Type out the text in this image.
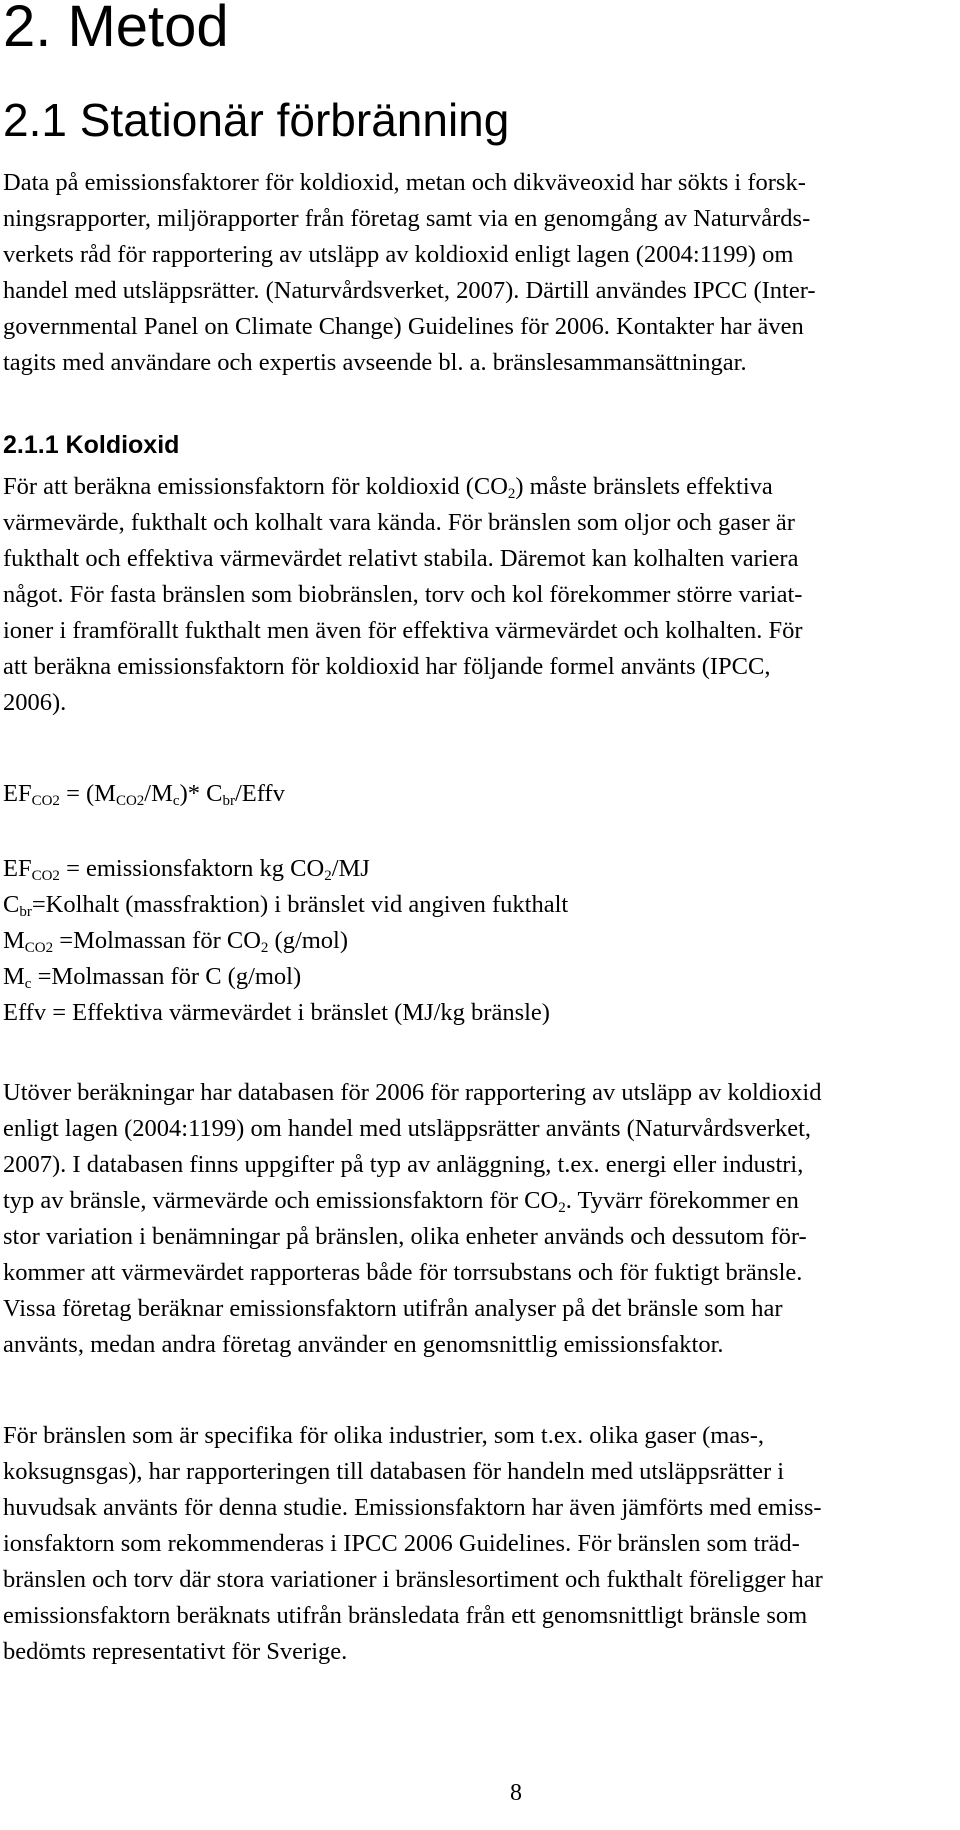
2. Metod
2.1 Stationär förbränning
Data på emissionsfaktorer för koldioxid, metan och dikväveoxid har sökts i forsk-
ningsrapporter, miljörapporter från företag samt via en genomgång av Naturvårds-
verkets råd för rapportering av utsläpp av koldioxid enligt lagen (2004:1199) om
handel med utsläppsrätter. (Naturvårdsverket, 2007). Därtill användes IPCC (Inter-
governmental Panel on Climate Change) Guidelines för 2006. Kontakter har även
tagits med användare och expertis avseende bl. a. bränslesammansättningar.
2.1.1 Koldioxid
För att beräkna emissionsfaktorn för koldioxid $(CO_2)$ måste bränslets effektiva
värmevärde, fukthalt och kolhalt vara kända. För bränslen som oljor och gaser är
fukthalt och effektiva värmevärdet relativt stabila. Däremot kan kolhalten variera
något. För fasta bränslen som biobränslen, torv och kol förekommer större variat-
ioner i framförallt fukthalt men även för effektiva värmevärdet och kolhalten. För
att beräkna emissionsfaktorn för koldioxid har följande formel använts (IPCC,
2006).
$EF_{CO2} = (M_{CO2}/M_c)*$ $C_{br}$/Effv
$EF_{CO2}$ = emissionsfaktorn kg $CO_2/MJ$
$C_{br}=Kolhalt$ (massfraktion) i bränslet vid angiven fukthalt
$M_{CO2}$ =Molmassan för $CO_2$ (g/mol)
$M_c$ =Molmassan för C (g/mol)
Effv = Effektiva värmevärdet i bränslet (MJ/kg bränsle)
Utöver beräkningar har databasen för 2006 för rapportering av utsläpp av koldioxid
enligt lagen (2004:1199) om handel med utsläppsrätter använts (Naturvårdsverket,
2007). I databasen finns uppgifter på typ av anläggning, t.ex. energi eller industri,
typ av bränsle, värmevärde och emissionsfaktorn för $CO_2$. Tyvärr förekommer en
stor variation i benämningar på bränslen, olika enheter används och dessutom för-
kommer att värmevärdet rapporteras både för torrsubstans och för fuktigt bränsle.
Vissa företag beräknar emissionsfaktorn utifrån analyser på det bränsle som har
använts, medan andra företag använder en genomsnittlig emissionsfaktor.
För bränslen som är specifika för olika industrier, som t.ex. olika gaser (mas-,
koksugnsgas), har rapporteringen till databasen för handeln med utsläppsrätter i
huvudsak använts för denna studie. Emissionsfaktorn har även jämförts med emiss-
ionsfaktorn som rekommenderas i IPCC 2006 Guidelines. För bränslen som träd-
bränslen och torv där stora variationer i bränslesortiment och fukthalt föreligger har
emissionsfaktorn beräknats utifrån bränsledata från ett genomsnittligt bränsle som
bedömts representativt för Sverige.
8
